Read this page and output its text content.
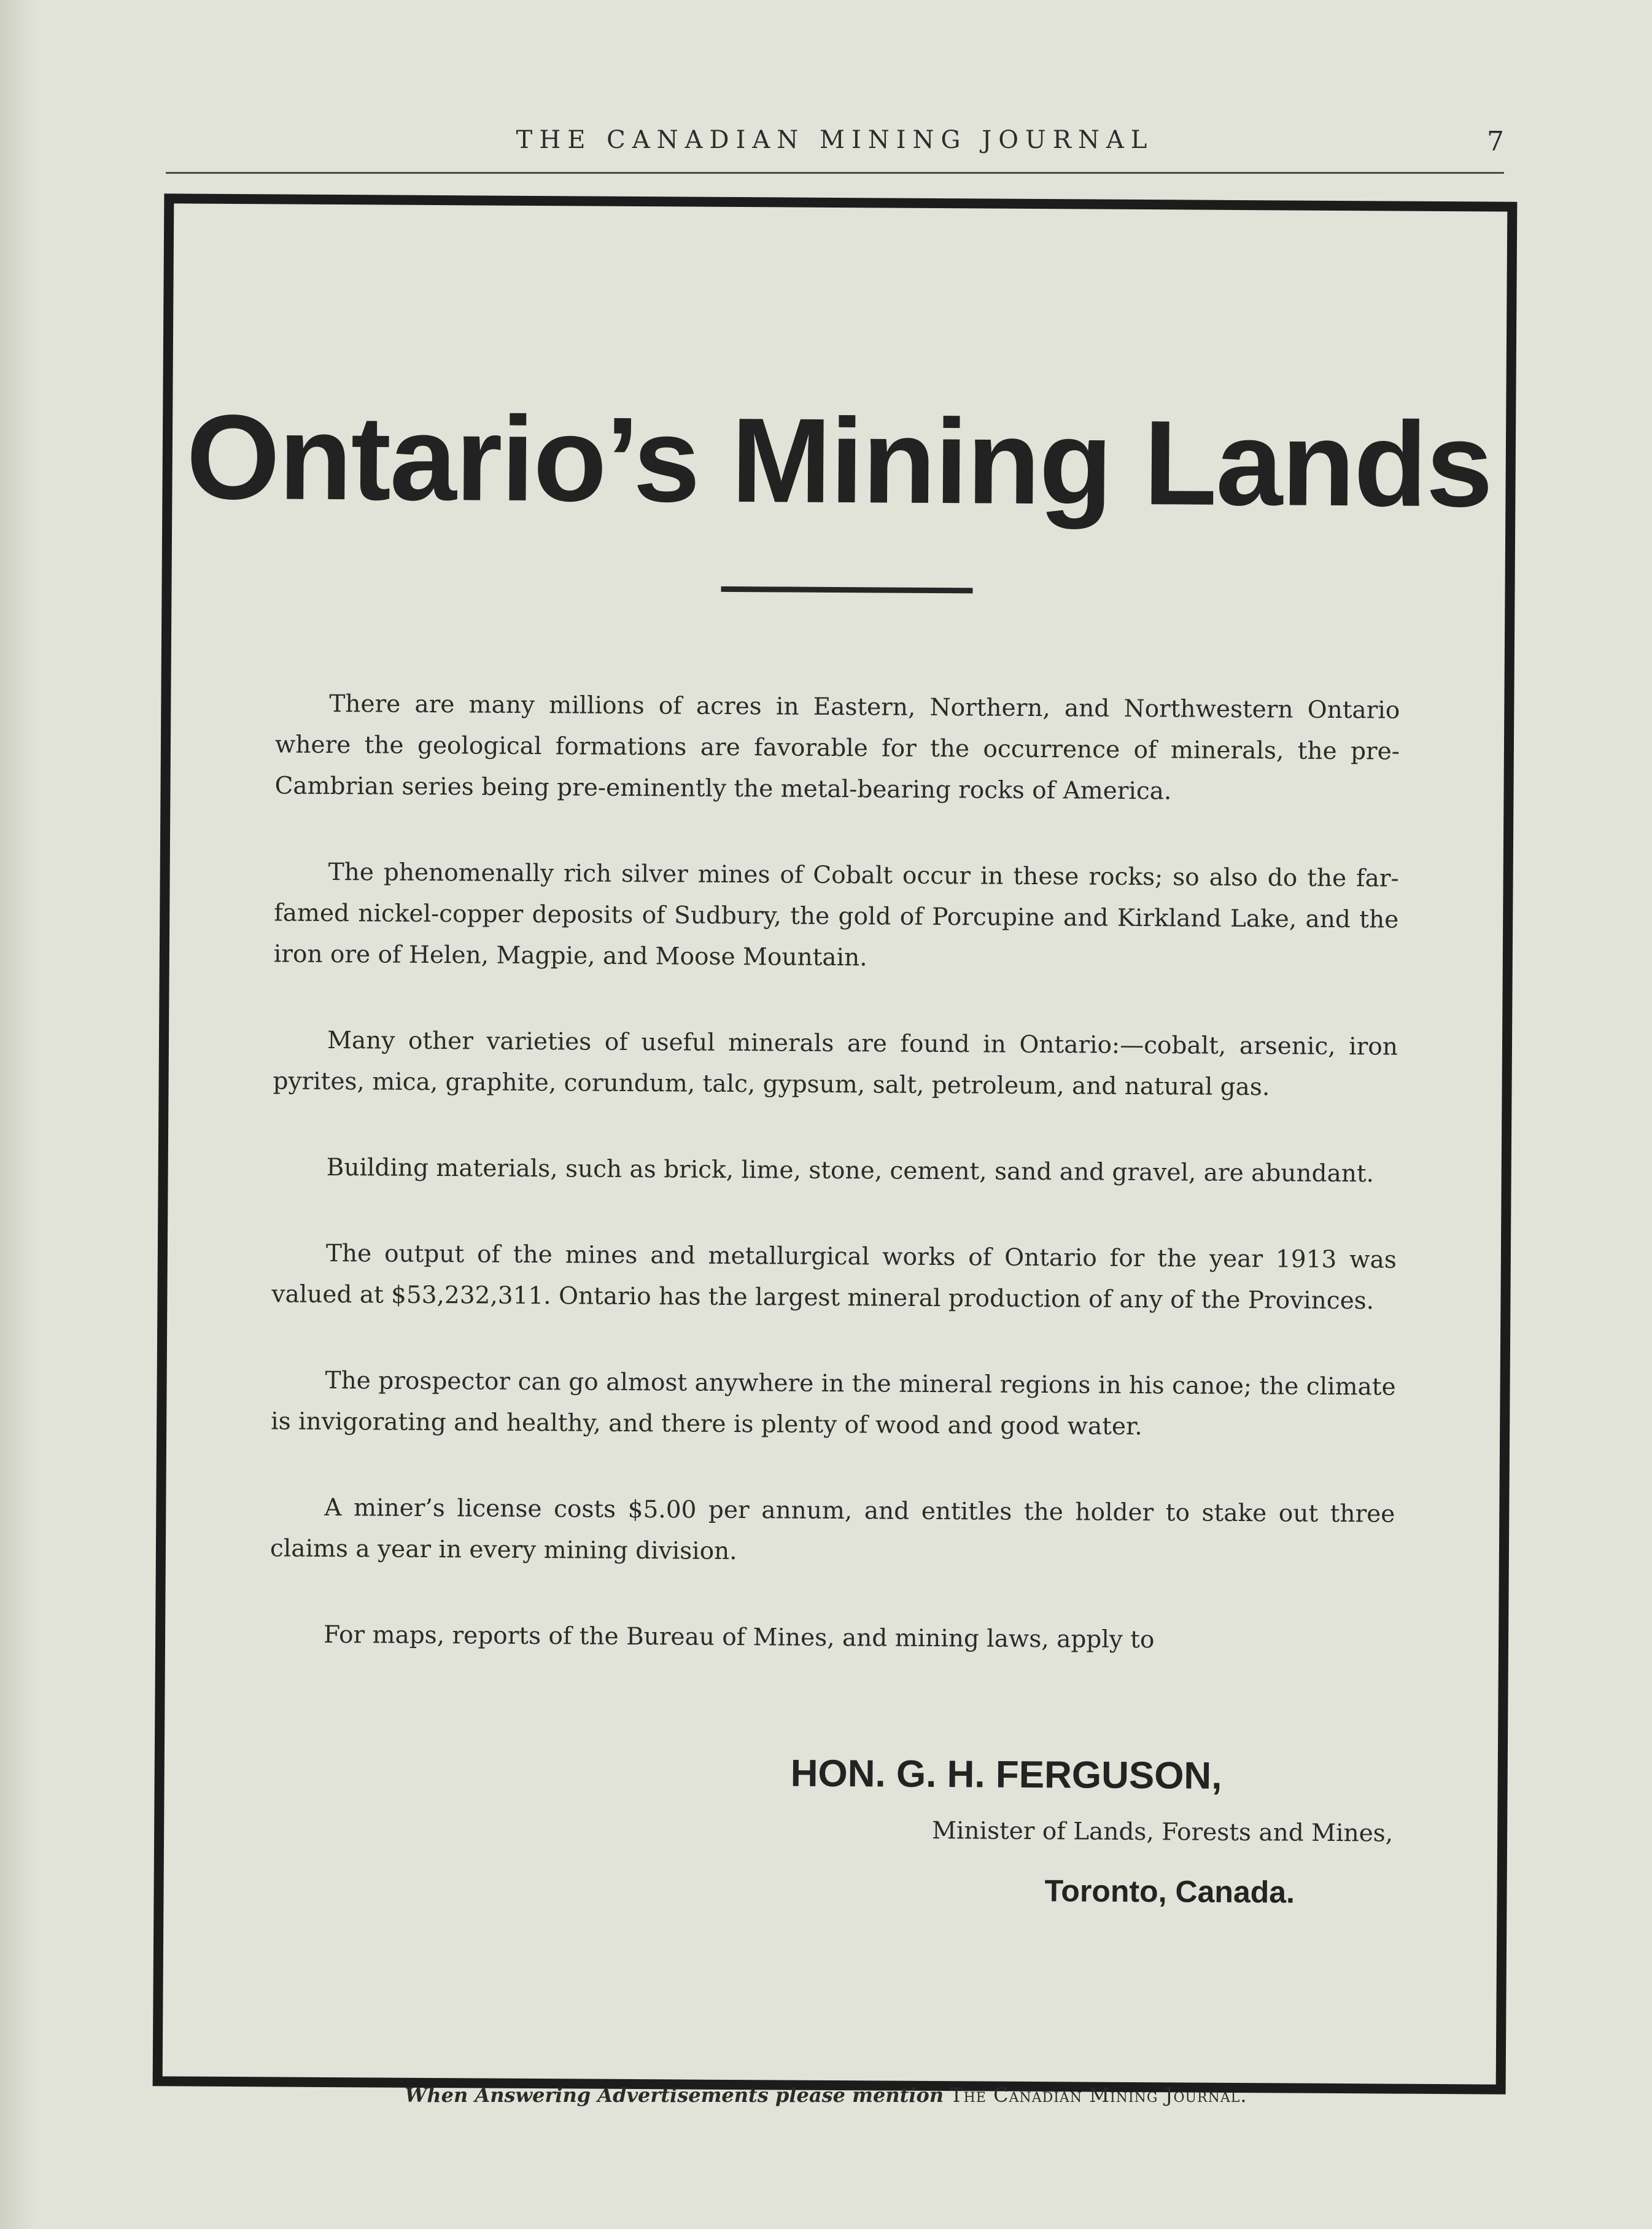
THE CANADIAN MINING JOURNAL	7
Ontario’s Mining Lands

There are many millions of acres in Eastern, Northern, and Northwestern Ontario where the geological formations are favorable for the occurrence of minerals, the pre-Cambrian series being pre-eminently the metal-bearing rocks of America.

The phenomenally rich silver mines of Cobalt occur in these rocks; so also do the far-famed nickel-copper deposits of Sudbury, the gold of Porcupine and Kirkland Lake, and the iron ore of Helen, Magpie, and Moose Mountain.

Many other varieties of useful minerals are found in Ontario:—cobalt, arsenic, iron pyrites, mica, graphite, corundum, talc, gypsum, salt, petroleum, and natural gas.

Building materials, such as brick, lime, stone, cement, sand and gravel, are abundant.

The output of the mines and metallurgical works of Ontario for the year 1913 was valued at $53,232,311. Ontario has the largest mineral production of any of the Provinces.

The prospector can go almost anywhere in the mineral regions in his canoe; the climate is invigorating and healthy, and there is plenty of wood and good water.

A miner’s license costs $5.00 per annum, and entitles the holder to stake out three claims a year in every mining division.

For maps, reports of the Bureau of Mines, and mining laws, apply to

HON. G. H. FERGUSON,
Minister of Lands, Forests and Mines,
Toronto, Canada.
When Answering Advertisements please mention The Canadian Mining Journal.
